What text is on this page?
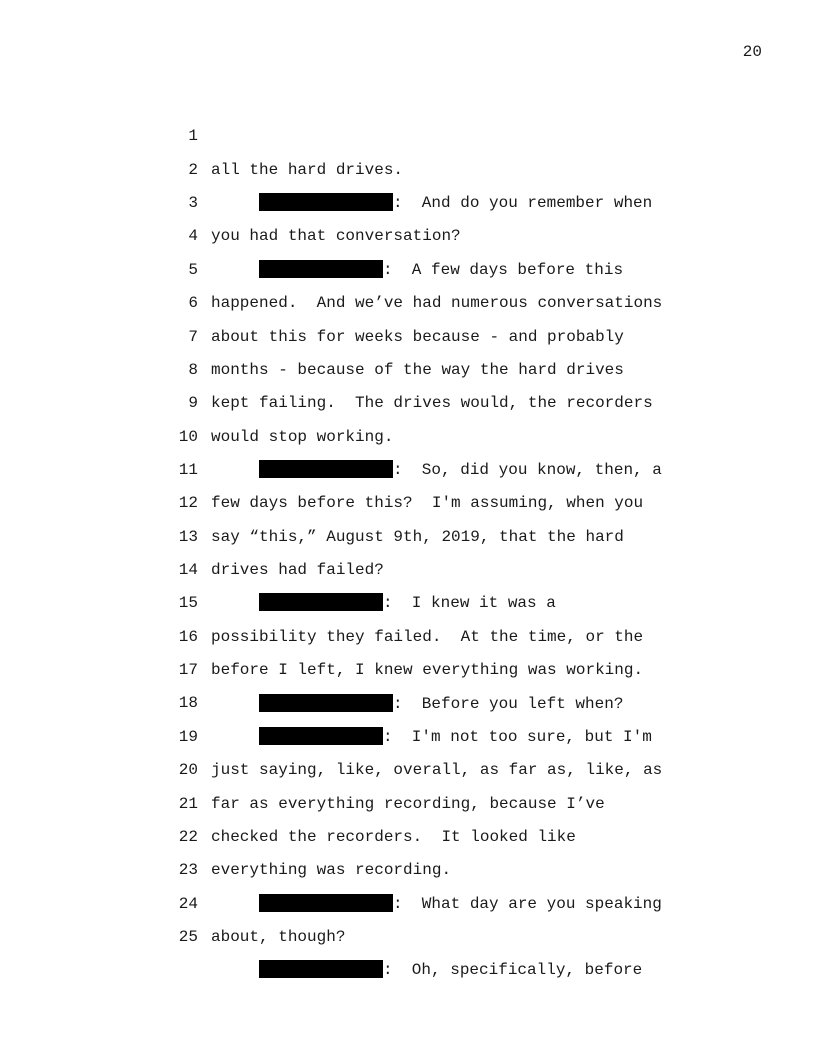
20

1

all the hard drives.

2

:  And do you remember when

3

you had that conversation?

4

:  A few days before this

5

happened.  And we’ve had numerous conversations

6

about this for weeks because - and probably

7

months - because of the way the hard drives

8

kept failing.  The drives would, the recorders

9

would stop working.

10

:  So, did you know, then, a

11

few days before this?  I'm assuming, when you

12

say “this,” August 9th, 2019, that the hard

13

drives had failed?

14

:  I knew it was a

15

possibility they failed.  At the time, or the

16

before I left, I knew everything was working.

17

:  Before you left when?

18

:  I'm not too sure, but I'm

19

just saying, like, overall, as far as, like, as

20

far as everything recording, because I’ve

21

checked the recorders.  It looked like

22

everything was recording.

23

:  What day are you speaking

24

about, though?

25

:  Oh, specifically, before
